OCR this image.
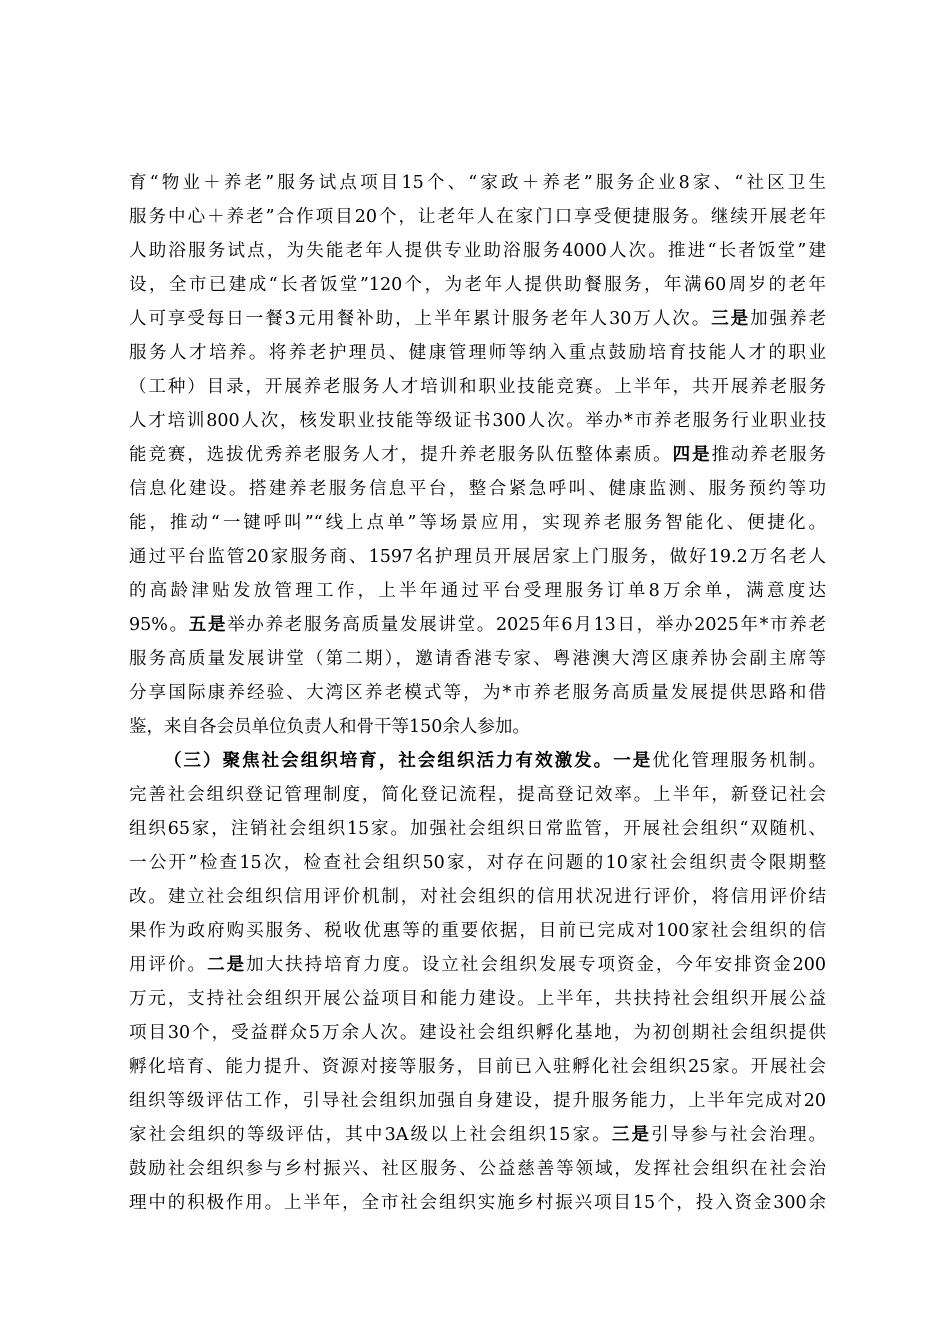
育“物业＋养老”服务试点项目15个、“家政＋养老”服务企业8家、“社区卫生
服务中心＋养老”合作项目20个，让老年人在家门口享受便捷服务。继续开展老年
人助浴服务试点，为失能老年人提供专业助浴服务4000人次。推进“长者饭堂”建
设，全市已建成“长者饭堂”120个，为老年人提供助餐服务，年满60周岁的老年
人可享受每日一餐3元用餐补助，上半年累计服务老年人30万人次。三是加强养老
服务人才培养。将养老护理员、健康管理师等纳入重点鼓励培育技能人才的职业
（工种）目录，开展养老服务人才培训和职业技能竞赛。上半年，共开展养老服务
人才培训800人次，核发职业技能等级证书300人次。举办*市养老服务行业职业技
能竞赛，选拔优秀养老服务人才，提升养老服务队伍整体素质。四是推动养老服务
信息化建设。搭建养老服务信息平台，整合紧急呼叫、健康监测、服务预约等功
能，推动“一键呼叫”“线上点单”等场景应用，实现养老服务智能化、便捷化。
通过平台监管20家服务商、1597名护理员开展居家上门服务，做好19.2万名老人
的高龄津贴发放管理工作，上半年通过平台受理服务订单8万余单，满意度达
95%。五是举办养老服务高质量发展讲堂。2025年6月13日，举办2025年*市养老
服务高质量发展讲堂（第二期），邀请香港专家、粤港澳大湾区康养协会副主席等
分享国际康养经验、大湾区养老模式等，为*市养老服务高质量发展提供思路和借
鉴，来自各会员单位负责人和骨干等150余人参加。
（三）聚焦社会组织培育，社会组织活力有效激发。一是优化管理服务机制。
完善社会组织登记管理制度，简化登记流程，提高登记效率。上半年，新登记社会
组织65家，注销社会组织15家。加强社会组织日常监管，开展社会组织“双随机、
一公开”检查15次，检查社会组织50家，对存在问题的10家社会组织责令限期整
改。建立社会组织信用评价机制，对社会组织的信用状况进行评价，将信用评价结
果作为政府购买服务、税收优惠等的重要依据，目前已完成对100家社会组织的信
用评价。二是加大扶持培育力度。设立社会组织发展专项资金，今年安排资金200
万元，支持社会组织开展公益项目和能力建设。上半年，共扶持社会组织开展公益
项目30个，受益群众5万余人次。建设社会组织孵化基地，为初创期社会组织提供
孵化培育、能力提升、资源对接等服务，目前已入驻孵化社会组织25家。开展社会
组织等级评估工作，引导社会组织加强自身建设，提升服务能力，上半年完成对20
家社会组织的等级评估，其中3A级以上社会组织15家。三是引导参与社会治理。
鼓励社会组织参与乡村振兴、社区服务、公益慈善等领域，发挥社会组织在社会治
理中的积极作用。上半年，全市社会组织实施乡村振兴项目15个，投入资金300余
